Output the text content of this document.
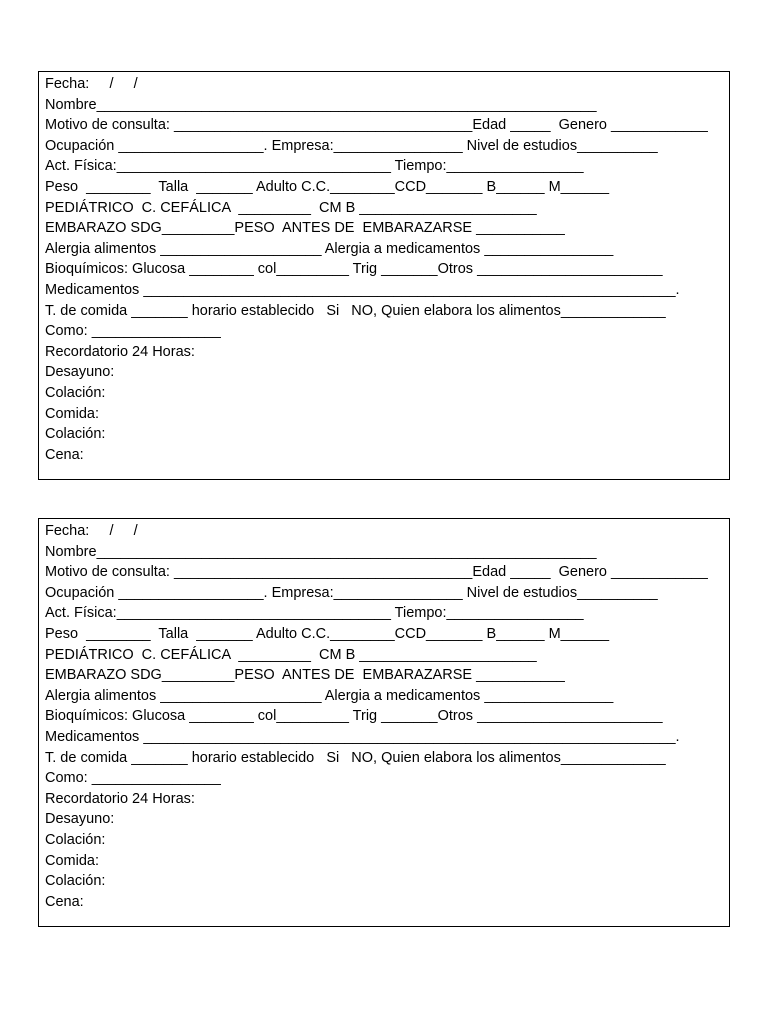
Fecha:     /     /
Nombre______________________________________________________________
Motivo de consulta: _____________________________________Edad _____  Genero ____________
Ocupación __________________. Empresa:________________ Nivel de estudios__________
Act. Física:__________________________________ Tiempo:_________________
Peso  ________  Talla  _______ Adulto C.C.________CCD_______ B______ M______
PEDIÁTRICO  C. CEFÁLICA  _________  CM B ______________________
EMBARAZO SDG_________PESO  ANTES DE  EMBARAZARSE ___________
Alergia alimentos ____________________ Alergia a medicamentos ________________
Bioquímicos: Glucosa ________ col_________ Trig _______Otros _______________________
Medicamentos __________________________________________________________________.
T. de comida _______ horario establecido   Si   NO, Quien elabora los alimentos_____________
Como: ________________
Recordatorio 24 Horas:
Desayuno:
Colación:
Comida:
Colación:
Cena:
Fecha:     /     /
Nombre______________________________________________________________
Motivo de consulta: _____________________________________Edad _____  Genero ____________
Ocupación __________________. Empresa:________________ Nivel de estudios__________
Act. Física:__________________________________ Tiempo:_________________
Peso  ________  Talla  _______ Adulto C.C.________CCD_______ B______ M______
PEDIÁTRICO  C. CEFÁLICA  _________  CM B ______________________
EMBARAZO SDG_________PESO  ANTES DE  EMBARAZARSE ___________
Alergia alimentos ____________________ Alergia a medicamentos ________________
Bioquímicos: Glucosa ________ col_________ Trig _______Otros _______________________
Medicamentos __________________________________________________________________.
T. de comida _______ horario establecido   Si   NO, Quien elabora los alimentos_____________
Como: ________________
Recordatorio 24 Horas:
Desayuno:
Colación:
Comida:
Colación:
Cena:
